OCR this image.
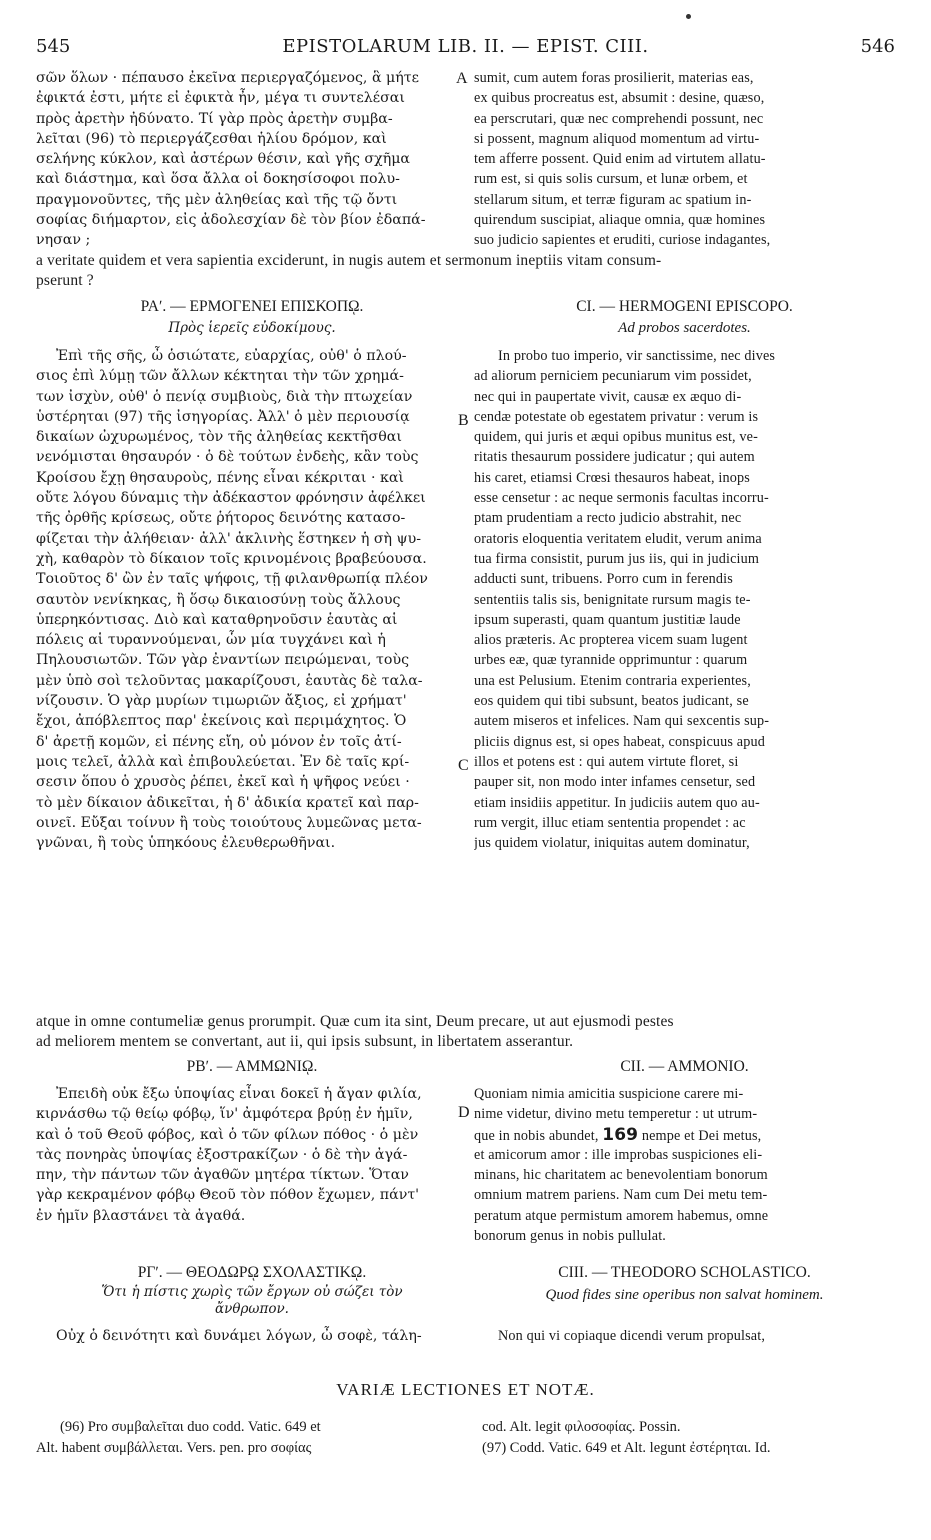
545	EPISTOLARUM LIB. II. — EPIST. CIII.	546
σῶν ὅλων · πέπαυσο ἐκεῖνα περιεργαζόμενος, ἃ μήτε
ἐφικτά ἐστι, μήτε εἰ ἐφικτὰ ἦν, μέγα τι συντελέσαι
πρὸς ἀρετὴν ἠδύνατο. Τί γὰρ πρὸς ἀρετὴν συμβα-
λεῖται (96) τὸ περιεργάζεσθαι ἡλίου δρόμον, καὶ
σελήνης κύκλον, καὶ ἀστέρων θέσιν, καὶ γῆς σχῆμα
καὶ διάστημα, καὶ ὅσα ἄλλα οἱ δοκησίσοφοι πολυ-
πραγμονοῦντες, τῆς μὲν ἀληθείας καὶ τῆς τῷ ὄντι
σοφίας διήμαρτον, εἰς ἀδολεσχίαν δὲ τὸν βίον ἐδαπά-
νησαν ;
A sumit, cum autem foras prosilierit, materias eas,
ex quibus procreatus est, absumit : desine, quæso,
ea perscrutari, quæ nec comprehendi possunt, nec
si possent, magnum aliquod momentum ad virtu-
tem afferre possent. Quid enim ad virtutem allatu-
rum est, si quis solis cursum, et lunæ orbem, et
stellarum situm, et terræ figuram ac spatium in-
quirendum suscipiat, aliaque omnia, quæ homines
suo judicio sapientes et eruditi, curiose indagantes,
a veritate quidem et vera sapientia exciderunt, in nugis autem et sermonum ineptiis vitam consum-
pserunt ?
ΡΑʹ. — ΕΡΜΟΓΕΝΕΙ ΕΠΙΣΚΟΠῼ.
Πρὸς ἱερεῖς εὐδοκίμους.
CI. — HERMOGENI EPISCOPO.
Ad probos sacerdotes.
Ἐπὶ τῆς σῆς, ὦ ὁσιώτατε, εὐαρχίας, οὐθ' ὁ πλού-
σιος ἐπὶ λύμῃ τῶν ἄλλων κέκτηται τὴν τῶν χρημά-
των ἰσχὺν, οὐθ' ὁ πενίᾳ συμβιοὺς, διὰ τὴν πτωχείαν
ὑστέρηται (97) τῆς ἰσηγορίας. Ἀλλ' ὁ μὲν περιουσίᾳ
δικαίων ὠχυρωμένος, τὸν τῆς ἀληθείας κεκτῆσθαι
νενόμισται θησαυρόν · ὁ δὲ τούτων ἐνδεὴς, κἂν τοὺς
Κροίσου ἔχῃ θησαυροὺς, πένης εἶναι κέκριται · καὶ
οὔτε λόγου δύναμις τὴν ἀδέκαστον φρόνησιν ἀφέλκει
τῆς ὀρθῆς κρίσεως, οὔτε ῥήτορος δεινότης κατασο-
φίζεται τὴν ἀλήθειαν· ἀλλ' ἀκλινὴς ἕστηκεν ἡ σὴ ψυ-
χὴ, καθαρὸν τὸ δίκαιον τοῖς κρινομένοις βραβεύουσα.
Τοιοῦτος δ' ὢν ἐν ταῖς ψήφοις, τῇ φιλανθρωπίᾳ πλέον
σαυτὸν νενίκηκας, ἢ ὅσῳ δικαιοσύνῃ τοὺς ἄλλους
ὑπερηκόντισας. Διὸ καὶ καταθρηνοῦσιν ἑαυτὰς αἱ
πόλεις αἱ τυραννούμεναι, ὧν μία τυγχάνει καὶ ἡ
Πηλουσιωτῶν. Τῶν γὰρ ἐναντίων πειρώμεναι, τοὺς
μὲν ὑπὸ σοὶ τελοῦντας μακαρίζουσι, ἑαυτὰς δὲ ταλα-
νίζουσιν. Ὁ γὰρ μυρίων τιμωριῶν ἄξιος, εἰ χρήματ'
ἔχοι, ἀπόβλεπτος παρ' ἐκείνοις καὶ περιμάχητος. Ὁ
δ' ἀρετῇ κομῶν, εἰ πένης εἴη, οὐ μόνον ἐν τοῖς ἀτί-
μοις τελεῖ, ἀλλὰ καὶ ἐπιβουλεύεται. Ἐν δὲ ταῖς κρί-
σεσιν ὅπου ὁ χρυσὸς ῥέπει, ἐκεῖ καὶ ἡ ψῆφος νεύει ·
τὸ μὲν δίκαιον ἀδικεῖται, ἡ δ' ἀδικία κρατεῖ καὶ παρ-
οινεῖ. Εὔξαι τοίνυν ἢ τοὺς τοιούτους λυμεῶνας μετα-
γνῶναι, ἢ τοὺς ὑπηκόους ἐλευθερωθῆναι.
B
C
In probo tuo imperio, vir sanctissime, nec dives
ad aliorum perniciem pecuniarum vim possidet,
nec qui in paupertate vivit, causæ ex æquo di-
cendæ potestate ob egestatem privatur : verum is
quidem, qui juris et æqui opibus munitus est, ve-
ritatis thesaurum possidere judicatur ; qui autem
his caret, etiamsi Crœsi thesauros habeat, inops
esse censetur : ac neque sermonis facultas incorru-
ptam prudentiam a recto judicio abstrahit, nec
oratoris eloquentia veritatem eludit, verum anima
tua firma consistit, purum jus iis, qui in judicium
adducti sunt, tribuens. Porro cum in ferendis
sententiis talis sis, benignitate rursum magis te-
ipsum superasti, quam quantum justitiæ laude
alios præteris. Ac propterea vicem suam lugent
urbes eæ, quæ tyrannide opprimuntur : quarum
una est Pelusium. Etenim contraria experientes,
eos quidem qui tibi subsunt, beatos judicant, se
autem miseros et infelices. Nam qui sexcentis sup-
pliciis dignus est, si opes habeat, conspicuus apud
illos et potens est : qui autem virtute floret, si
pauper sit, non modo inter infames censetur, sed
etiam insidiis appetitur. In judiciis autem quo au-
rum vergit, illuc etiam sententia propendet : ac
jus quidem violatur, iniquitas autem dominatur,
atque in omne contumeliæ genus prorumpit. Quæ cum ita sint, Deum precare, ut aut ejusmodi pestes
ad meliorem mentem se convertant, aut ii, qui ipsis subsunt, in libertatem asserantur.
ΡΒʹ. — ΑΜΜΩΝΙῼ.	CII. — AMMONIO.
Ἐπειδὴ οὐκ ἔξω ὑποψίας εἶναι δοκεῖ ἡ ἄγαν φιλία,
κιρνάσθω τῷ θείῳ φόβῳ, ἵν' ἀμφότερα βρύῃ ἐν ἡμῖν,
καὶ ὁ τοῦ Θεοῦ φόβος, καὶ ὁ τῶν φίλων πόθος · ὁ μὲν
τὰς πονηρὰς ὑποψίας ἐξοστρακίζων · ὁ δὲ τὴν ἀγά-
πην, τὴν πάντων τῶν ἀγαθῶν μητέρα τίκτων. Ὅταν
γὰρ κεκραμένον φόβῳ Θεοῦ τὸν πόθον ἔχωμεν, πάντ'
ἐν ἡμῖν βλαστάνει τὰ ἀγαθά.
D
Quoniam nimia amicitia suspicione carere mi-
nime videtur, divino metu temperetur : ut utrum-
que in nobis abundet, 169 nempe et Dei metus,
et amicorum amor : ille improbas suspiciones eli-
minans, hic charitatem ac benevolentiam bonorum
omnium matrem pariens. Nam cum Dei metu tem-
peratum atque permistum amorem habemus, omne
bonorum genus in nobis pullulat.
ΡΓʹ. — ΘΕΟΔΩΡῼ ΣΧΟΛΑΣΤΙΚῼ.
Ὅτι ἡ πίστις χωρὶς τῶν ἔργων οὐ σώζει τὸν
ἄνθρωπον.
CIII. — THEODORO SCHOLASTICO.
Quod fides sine operibus non salvat hominem.
Οὐχ ὁ δεινότητι καὶ δυνάμει λόγων, ὦ σοφὲ, τάλη-	Non qui vi copiaque dicendi verum propulsat,
VARIÆ LECTIONES ET NOTÆ.
(96) Pro συμβαλεῖται duo codd. Vatic. 649 et
Alt. habent συμβάλλεται. Vers. pen. pro σοφίας
cod. Alt. legit φιλοσοφίας. Possin.
(97) Codd. Vatic. 649 et Alt. legunt ἐστέρηται. Id.
